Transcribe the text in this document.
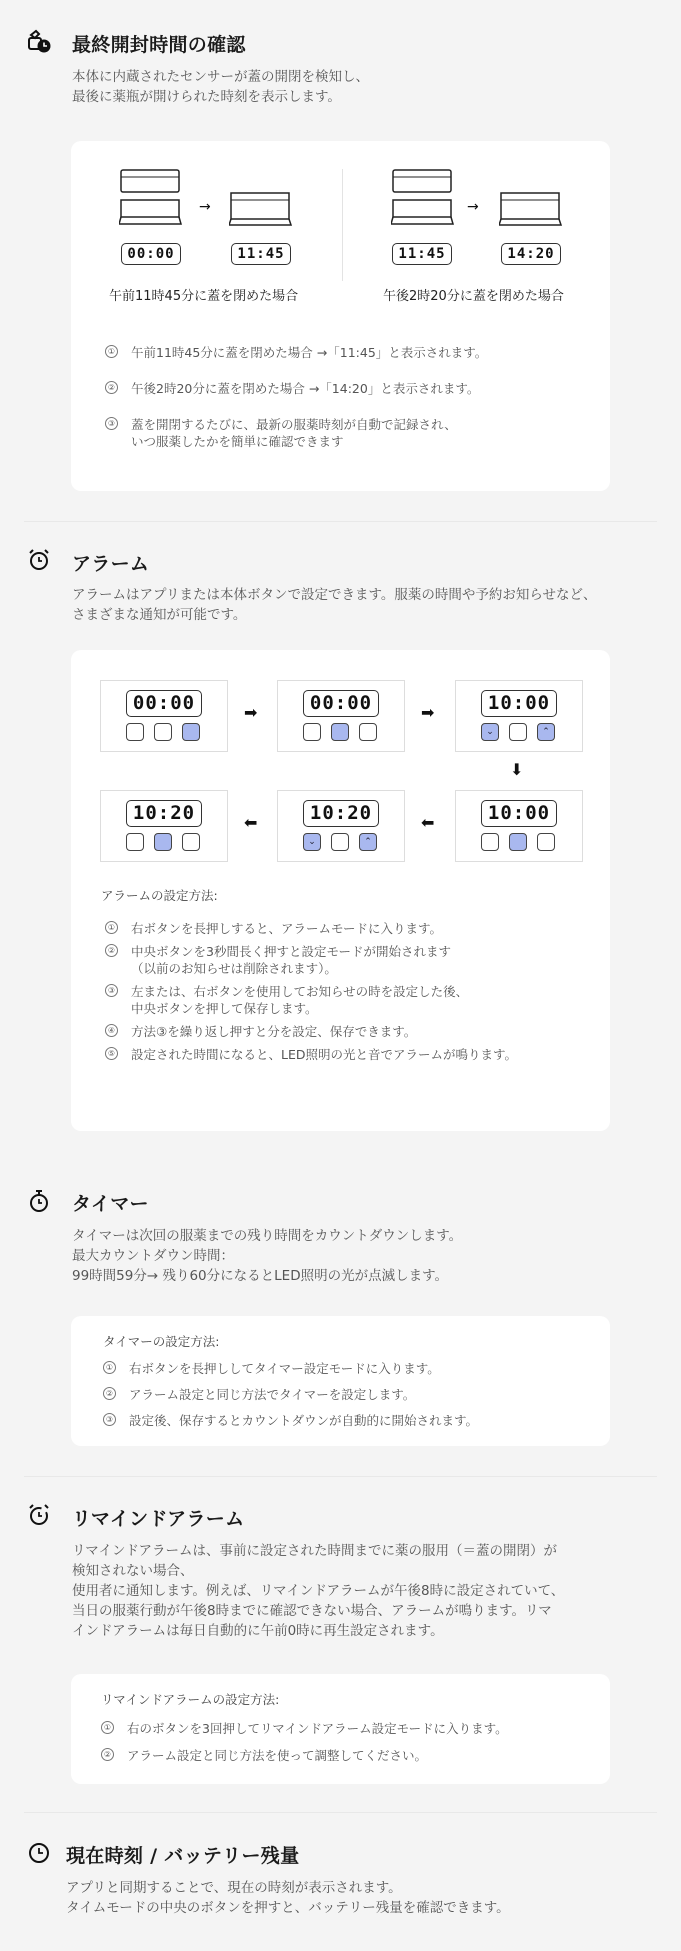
最終開封時間の確認
本体に内蔵されたセンサーが蓋の開閉を検知し、
最後に薬瓶が開けられた時刻を表示します。
→
00:00	11:45
午前11時45分に蓋を閉めた場合
→
11:45	14:20
午後2時20分に蓋を閉めた場合
① 午前11時45分に蓋を閉めた場合 →「11:45」と表示されます。
② 午後2時20分に蓋を閉めた場合 →「14:20」と表示されます。
③ 蓋を開閉するたびに、最新の服薬時刻が自動で記録され、
いつ服薬したかを簡単に確認できます
アラーム
アラームはアプリまたは本体ボタンで設定できます。服薬の時間や予約お知らせなど、
さまざまな通知が可能です。
00:00	➡	00:00	➡	10:00
⌄	⌃
⬇
10:20	⬅	10:20
⌄	⌃
⬅	10:00
アラームの設定方法:
① 右ボタンを長押しすると、アラームモードに入ります。
② 中央ボタンを3秒間長く押すと設定モードが開始されます
（以前のお知らせは削除されます）。
③ 左または、右ボタンを使用してお知らせの時を設定した後、
中央ボタンを押して保存します。
④ 方法③を繰り返し押すと分を設定、保存できます。
⑤ 設定された時間になると、LED照明の光と音でアラームが鳴ります。
タイマー
タイマーは次回の服薬までの残り時間をカウントダウンします。
最大カウントダウン時間：
99時間59分→ 残り60分になるとLED照明の光が点滅します。
タイマーの設定方法:
① 右ボタンを長押ししてタイマー設定モードに入ります。
② アラーム設定と同じ方法でタイマーを設定します。
③ 設定後、保存するとカウントダウンが自動的に開始されます。
リマインドアラーム
リマインドアラームは、事前に設定された時間までに薬の服用（＝蓋の開閉）が
検知されない場合、
使用者に通知します。例えば、リマインドアラームが午後8時に設定されていて、
当日の服薬行動が午後8時までに確認できない場合、アラームが鳴ります。リマ
インドアラームは毎日自動的に午前0時に再生設定されます。
リマインドアラームの設定方法:
① 右のボタンを3回押してリマインドアラーム設定モードに入ります。
② アラーム設定と同じ方法を使って調整してください。
現在時刻 / バッテリー残量
アプリと同期することで、現在の時刻が表示されます。
タイムモードの中央のボタンを押すと、バッテリー残量を確認できます。
